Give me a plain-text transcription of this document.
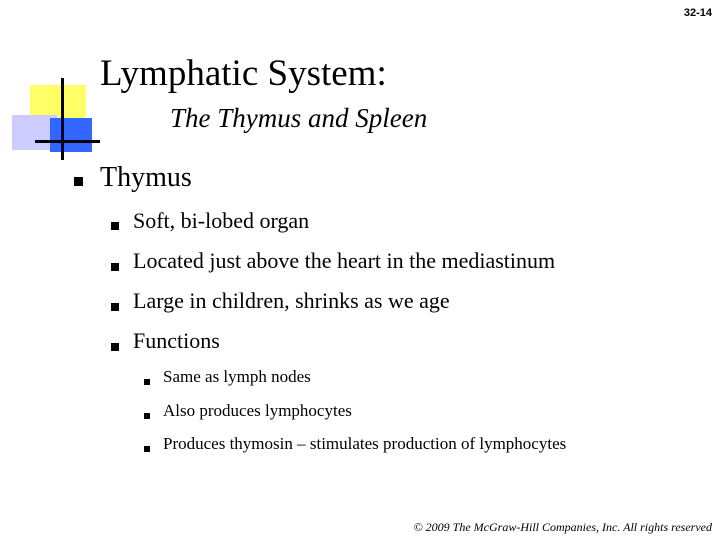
32-14
Lymphatic System:
The Thymus and Spleen
Thymus
Soft, bi-lobed organ
Located just above the heart in the mediastinum
Large in children, shrinks as we age
Functions
Same as lymph nodes
Also produces lymphocytes
Produces thymosin – stimulates production of lymphocytes
© 2009 The McGraw-Hill Companies, Inc. All rights reserved
